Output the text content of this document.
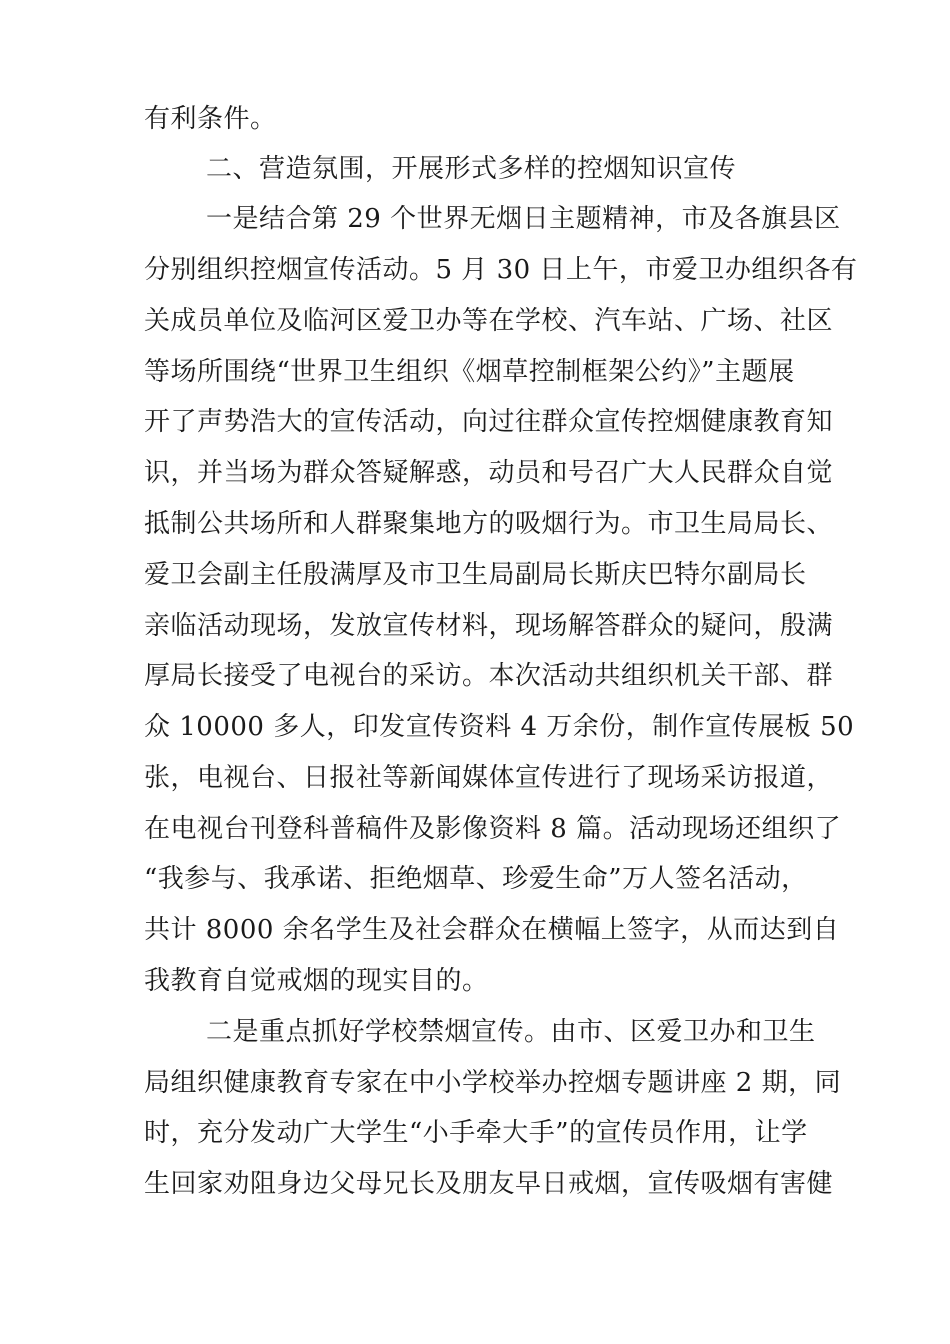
有利条件。
二、营造氛围，开展形式多样的控烟知识宣传
一是结合第 29 个世界无烟日主题精神，市及各旗县区
分别组织控烟宣传活动。5 月 30 日上午，市爱卫办组织各有
关成员单位及临河区爱卫办等在学校、汽车站、广场、社区
等场所围绕“世界卫生组织《烟草控制框架公约》”主题展
开了声势浩大的宣传活动，向过往群众宣传控烟健康教育知
识，并当场为群众答疑解惑，动员和号召广大人民群众自觉
抵制公共场所和人群聚集地方的吸烟行为。市卫生局局长、
爱卫会副主任殷满厚及市卫生局副局长斯庆巴特尔副局长
亲临活动现场，发放宣传材料，现场解答群众的疑问，殷满
厚局长接受了电视台的采访。本次活动共组织机关干部、群
众 10000 多人，印发宣传资料 4 万余份，制作宣传展板 50
张，电视台、日报社等新闻媒体宣传进行了现场采访报道，
在电视台刊登科普稿件及影像资料 8 篇。活动现场还组织了
“我参与、我承诺、拒绝烟草、珍爱生命”万人签名活动，
共计 8000 余名学生及社会群众在横幅上签字，从而达到自
我教育自觉戒烟的现实目的。
二是重点抓好学校禁烟宣传。由市、区爱卫办和卫生
局组织健康教育专家在中小学校举办控烟专题讲座 2 期，同
时，充分发动广大学生“小手牵大手”的宣传员作用，让学
生回家劝阻身边父母兄长及朋友早日戒烟，宣传吸烟有害健
